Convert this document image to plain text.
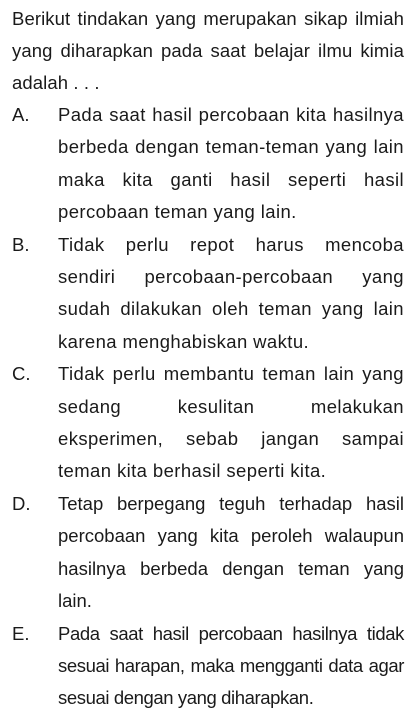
Berikut tindakan yang merupakan sikap ilmiah yang diharapkan pada saat belajar ilmu kimia adalah . . .

A.	Pada saat hasil percobaan kita hasilnya berbeda dengan teman-teman yang lain maka kita ganti hasil seperti hasil percobaan teman yang lain.
B.	Tidak perlu repot harus mencoba sendiri percobaan-percobaan yang sudah dilakukan oleh teman yang lain karena menghabiskan waktu.
C.	Tidak perlu membantu teman lain yang sedang kesulitan melakukan eksperimen, sebab jangan sampai teman kita berhasil seperti kita.
D.	Tetap berpegang teguh terhadap hasil percobaan yang kita peroleh walaupun hasilnya berbeda dengan teman yang lain.
E.	Pada saat hasil percobaan hasilnya tidak sesuai harapan, maka mengganti data agar sesuai dengan yang diharapkan.
